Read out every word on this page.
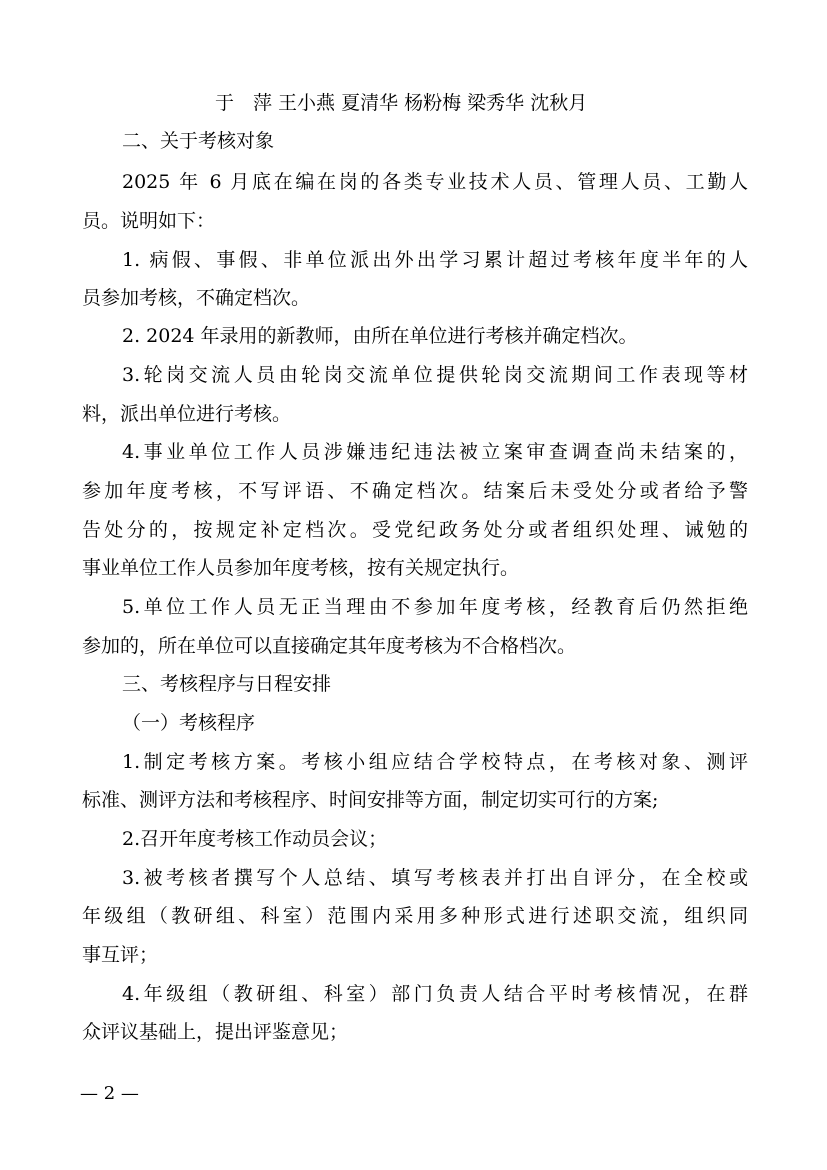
于　萍 王小燕 夏清华 杨粉梅 梁秀华 沈秋月
二、关于考核对象
2025 年 6 月底在编在岗的各类专业技术人员、管理人员、工勤人
员。说明如下：
1. 病假、事假、非单位派出外出学习累计超过考核年度半年的人
员参加考核，不确定档次。
2. 2024 年录用的新教师，由所在单位进行考核并确定档次。
3.轮岗交流人员由轮岗交流单位提供轮岗交流期间工作表现等材
料，派出单位进行考核。
4.事业单位工作人员涉嫌违纪违法被立案审查调查尚未结案的，
参加年度考核，不写评语、不确定档次。结案后未受处分或者给予警
告处分的，按规定补定档次。受党纪政务处分或者组织处理、诫勉的
事业单位工作人员参加年度考核，按有关规定执行。
5.单位工作人员无正当理由不参加年度考核，经教育后仍然拒绝
参加的，所在单位可以直接确定其年度考核为不合格档次。
三、考核程序与日程安排
（一）考核程序
1.制定考核方案。考核小组应结合学校特点，在考核对象、测评
标准、测评方法和考核程序、时间安排等方面，制定切实可行的方案;
2.召开年度考核工作动员会议；
3.被考核者撰写个人总结、填写考核表并打出自评分，在全校或
年级组（教研组、科室）范围内采用多种形式进行述职交流，组织同
事互评；
4.年级组（教研组、科室）部门负责人结合平时考核情况，在群
众评议基础上，提出评鉴意见；
— 2 —
